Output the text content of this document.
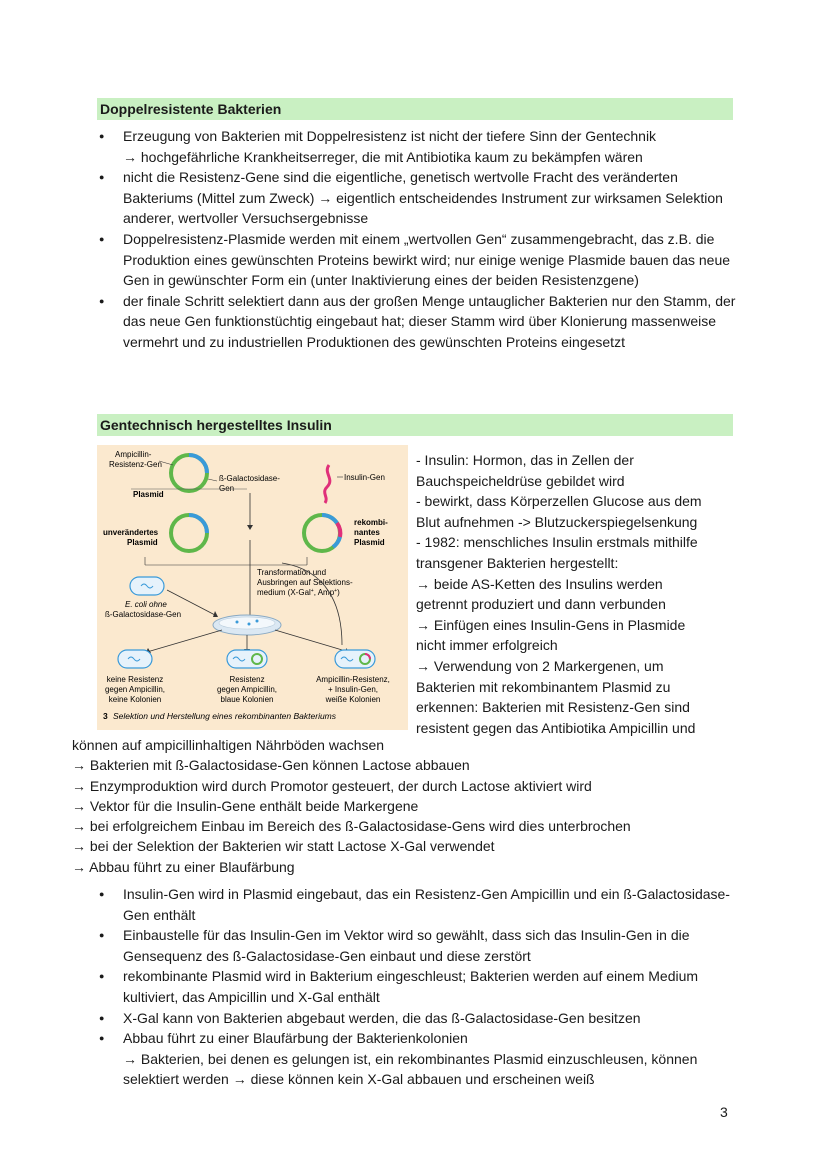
Doppelresistente Bakterien
● Erzeugung von Bakterien mit Doppelresistenz ist nicht der tiefere Sinn der Gentechnik
→ hochgefährliche Krankheitserreger, die mit Antibiotika kaum zu bekämpfen wären
● nicht die Resistenz-Gene sind die eigentliche, genetisch wertvolle Fracht des veränderten Bakteriums (Mittel zum Zweck) → eigentlich entscheidendes Instrument zur wirksamen Selektion anderer, wertvoller Versuchsergebnisse
● Doppelresistenz-Plasmide werden mit einem „wertvollen Gen“ zusammengebracht, das z.B. die Produktion eines gewünschten Proteins bewirkt wird; nur einige wenige Plasmide bauen das neue Gen in gewünschter Form ein (unter Inaktivierung eines der beiden Resistenzgene)
● der finale Schritt selektiert dann aus der großen Menge untauglicher Bakterien nur den Stamm, der das neue Gen funktionstüchtig eingebaut hat; dieser Stamm wird über Klonierung massenweise vermehrt und zu industriellen Produktionen des gewünschten Proteins eingesetzt
Gentechnisch hergestelltes Insulin
Ampicillin-
Resistenz-Gen
ß-Galactosidase-
Gen
Plasmid
Insulin-Gen
unverändertes
Plasmid
rekombi-
nantes
Plasmid
Transformation und
Ausbringen auf Selektions-
medium (X-Gal+, Amp+)
E. coli ohne
ß-Galactosidase-Gen
keine Resistenz
gegen Ampicillin,
keine Kolonien
Resistenz
gegen Ampicillin,
blaue Kolonien
Ampicillin-Resistenz,
+ Insulin-Gen,
weiße Kolonien
3 Selektion und Herstellung eines rekombinanten Bakteriums
- Insulin: Hormon, das in Zellen der
Bauchspeicheldrüse gebildet wird
- bewirkt, dass Körperzellen Glucose aus dem
Blut aufnehmen -> Blutzuckerspiegelsenkung
- 1982: menschliches Insulin erstmals mithilfe
transgener Bakterien hergestellt:
→ beide AS-Ketten des Insulins werden
getrennt produziert und dann verbunden
→ Einfügen eines Insulin-Gens in Plasmide
nicht immer erfolgreich
→ Verwendung von 2 Markergenen, um
Bakterien mit rekombinantem Plasmid zu
erkennen: Bakterien mit Resistenz-Gen sind
resistent gegen das Antibiotika Ampicillin und
können auf ampicillinhaltigen Nährböden wachsen
→ Bakterien mit ß-Galactosidase-Gen können Lactose abbauen
→ Enzymproduktion wird durch Promotor gesteuert, der durch Lactose aktiviert wird
→ Vektor für die Insulin-Gene enthält beide Markergene
→ bei erfolgreichem Einbau im Bereich des ß-Galactosidase-Gens wird dies unterbrochen
→ bei der Selektion der Bakterien wir statt Lactose X-Gal verwendet
→ Abbau führt zu einer Blaufärbung
● Insulin-Gen wird in Plasmid eingebaut, das ein Resistenz-Gen Ampicillin und ein ß-Galactosidase-Gen enthält
● Einbaustelle für das Insulin-Gen im Vektor wird so gewählt, dass sich das Insulin-Gen in die Gensequenz des ß-Galactosidase-Gen einbaut und diese zerstört
● rekombinante Plasmid wird in Bakterium eingeschleust; Bakterien werden auf einem Medium kultiviert, das Ampicillin und X-Gal enthält
● X-Gal kann von Bakterien abgebaut werden, die das ß-Galactosidase-Gen besitzen
● Abbau führt zu einer Blaufärbung der Bakterienkolonien
→ Bakterien, bei denen es gelungen ist, ein rekombinantes Plasmid einzuschleusen, können selektiert werden → diese können kein X-Gal abbauen und erscheinen weiß
3
